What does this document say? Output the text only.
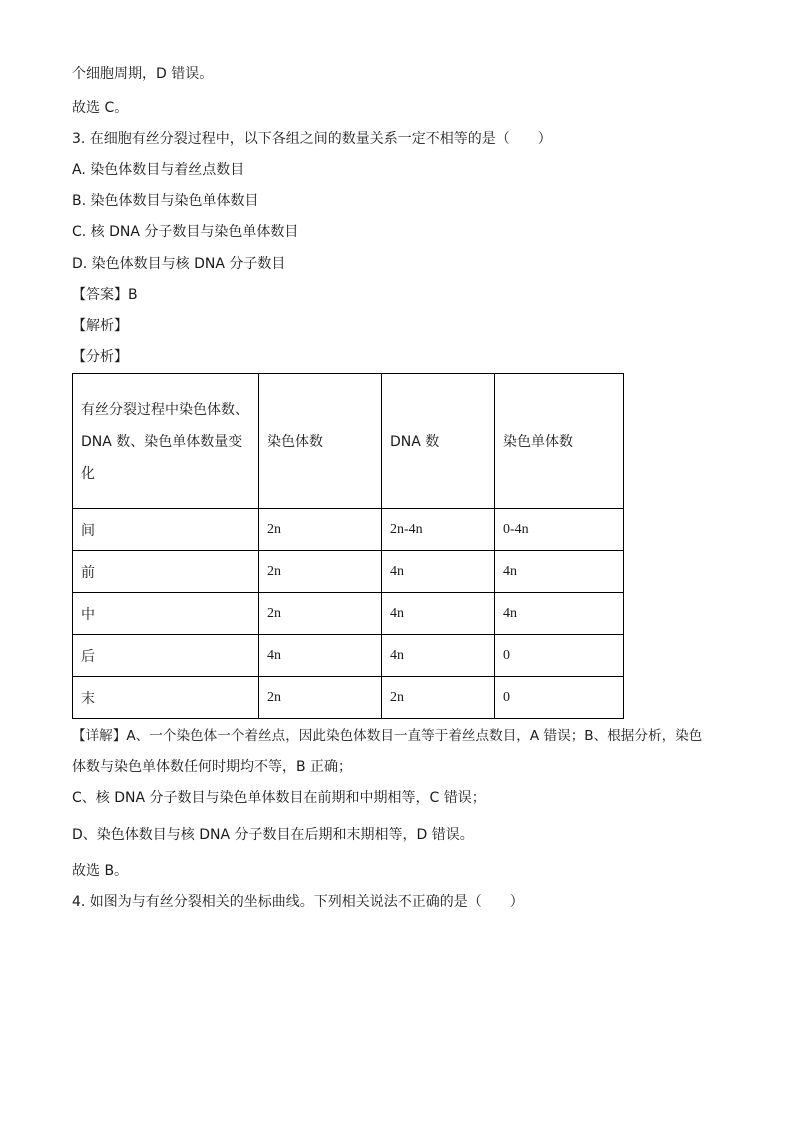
个细胞周期，D 错误。
故选 C。
3. 在细胞有丝分裂过程中，以下各组之间的数量关系一定不相等的是（　　）
A. 染色体数目与着丝点数目
B. 染色体数目与染色单体数目
C. 核 DNA 分子数目与染色单体数目
D. 染色体数目与核 DNA 分子数目
【答案】B
【解析】
【分析】
有丝分裂过程中染色体数、DNA 数、染色单体数量变化	染色体数	DNA 数	染色单体数
间	2n	2n-4n	0-4n
前	2n	4n	4n
中	2n	4n	4n
后	4n	4n	0
末	2n	2n	0
【详解】A、一个染色体一个着丝点，因此染色体数目一直等于着丝点数目，A 错误；B、根据分析，染色
体数与染色单体数任何时期均不等，B 正确；
C、核 DNA 分子数目与染色单体数目在前期和中期相等，C 错误；
D、染色体数目与核 DNA 分子数目在后期和末期相等，D 错误。
故选 B。
4. 如图为与有丝分裂相关的坐标曲线。下列相关说法不正确的是（　　）
